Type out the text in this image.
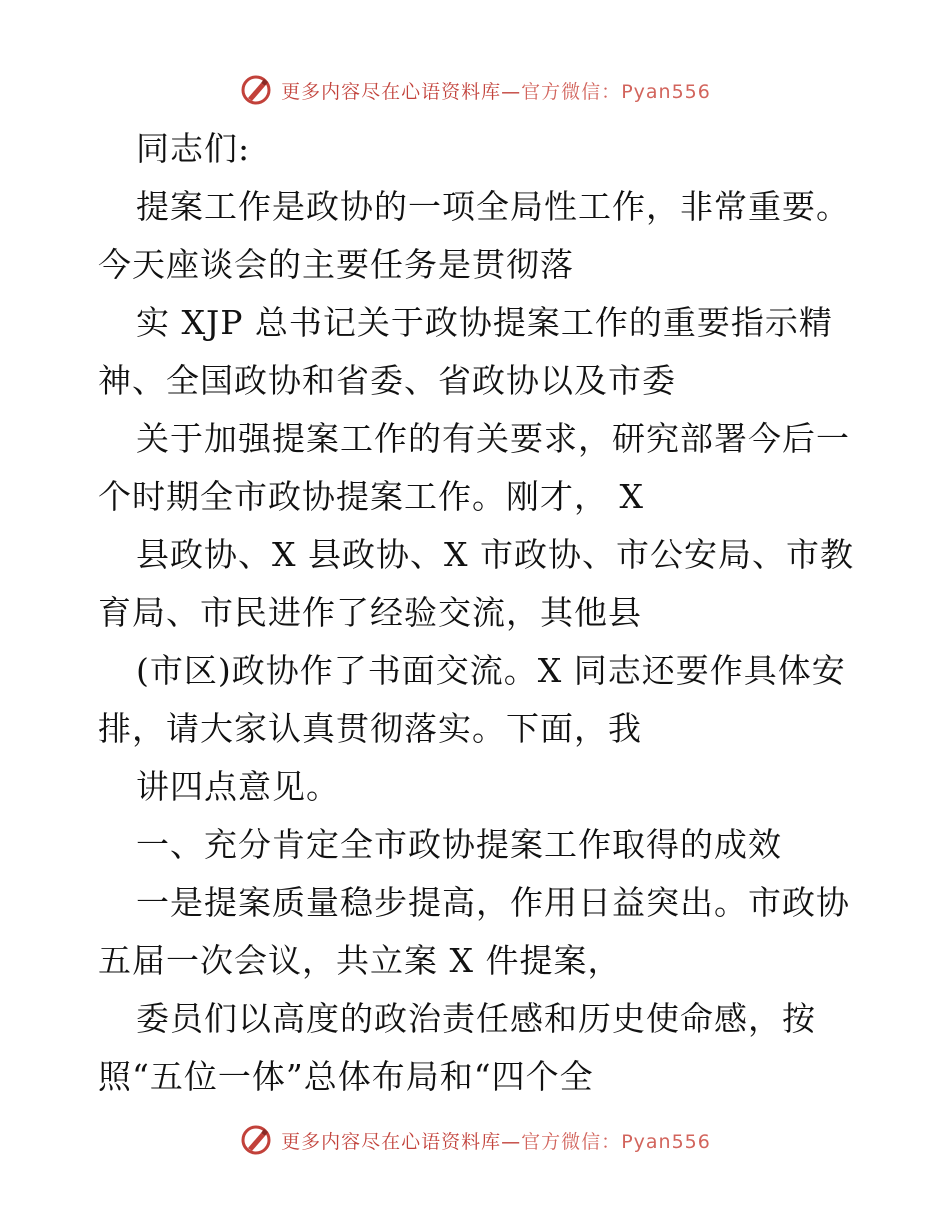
更多内容尽在心语资料库—官方微信：Pyan556
同志们:
提案工作是政协的一项全局性工作，非常重要。
今天座谈会的主要任务是贯彻落
实 XJP 总书记关于政协提案工作的重要指示精
神、全国政协和省委、省政协以及市委
关于加强提案工作的有关要求，研究部署今后一
个时期全市政协提案工作。刚才， X
县政协、X 县政协、X 市政协、市公安局、市教
育局、市民进作了经验交流，其他县
(市区)政协作了书面交流。X 同志还要作具体安
排，请大家认真贯彻落实。下面，我
讲四点意见。
一、充分肯定全市政协提案工作取得的成效
一是提案质量稳步提高，作用日益突出。市政协
五届一次会议，共立案 X 件提案，
委员们以高度的政治责任感和历史使命感，按
照“五位一体”总体布局和“四个全
更多内容尽在心语资料库—官方微信：Pyan556
